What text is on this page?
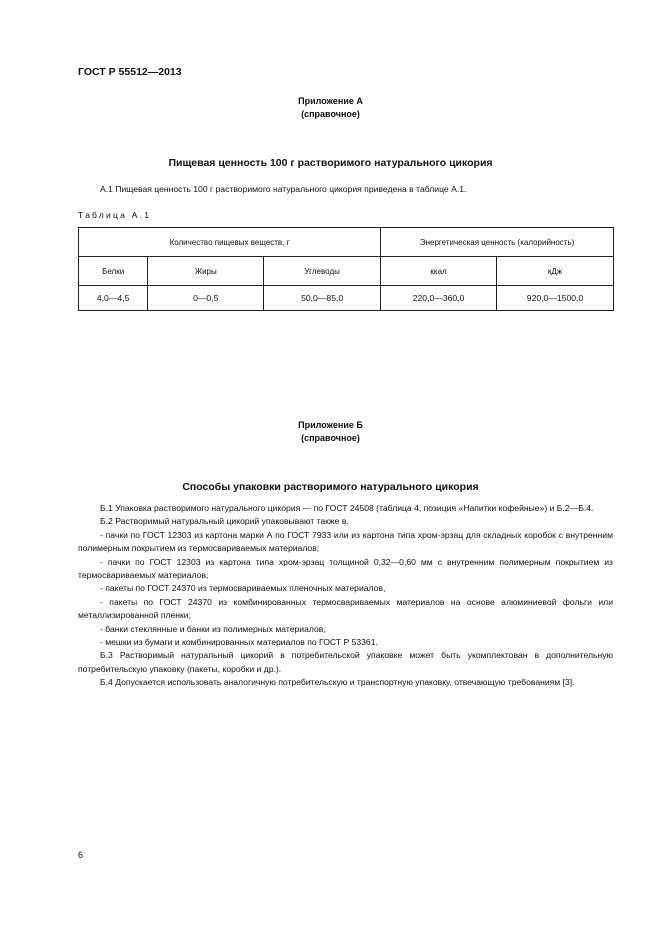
ГОСТ Р 55512—2013
Приложение А
(справочное)
Пищевая ценность 100 г растворимого натурального цикория

А.1 Пищевая ценность 100 г растворимого натурального цикория приведена в таблице А.1.

Таблица А.1
Количество пищевых веществ, г			Энергетическая ценность (калорийность)	
Белки	Жиры	Углеводы	ккал	кДж
4,0—4,5	0—0,5	50,0—85,0	220,0—360,0	920,0—1500,0
Приложение Б
(справочное)
Способы упаковки растворимого натурального цикория

Б.1 Упаковка растворимого натурального цикория — по ГОСТ 24508 (таблица 4, позиция «Напитки кофейные») и Б.2—Б.4.

Б.2 Растворимый натуральный цикорий упаковывают также в.

- пачки по ГОСТ 12303 из картона марки А по ГОСТ 7933 или из картона типа хром-эрзац для складных коробок с внутренним полимерным покрытием из термосвариваемых материалов;

- пачки по ГОСТ 12303 из картона типа хром-эрзац толщиной 0,32—0,60 мм с внутренним полимерным покрытием из термосвариваемых материалов;

- пакеты по ГОСТ 24370 из термосвариваемых пленочных материалов,

- пакеты по ГОСТ 24370 из комбинированных термосвариваемых материалов на основе алюминиевой фольги или металлизированной пленки;

- банки стеклянные и банки из полимерных материалов,

- мешки из бумаги и комбинированных материалов по ГОСТ Р 53361.

Б.3 Растворимый натуральный цикорий в потребительской упаковке может быть укомплектован в дополнительную потребительскую упаковку (пакеты, коробки и др.).

Б.4 Допускается использовать аналогичную потребительскую и транспортную упаковку, отвечающую требованиям [3].

6
